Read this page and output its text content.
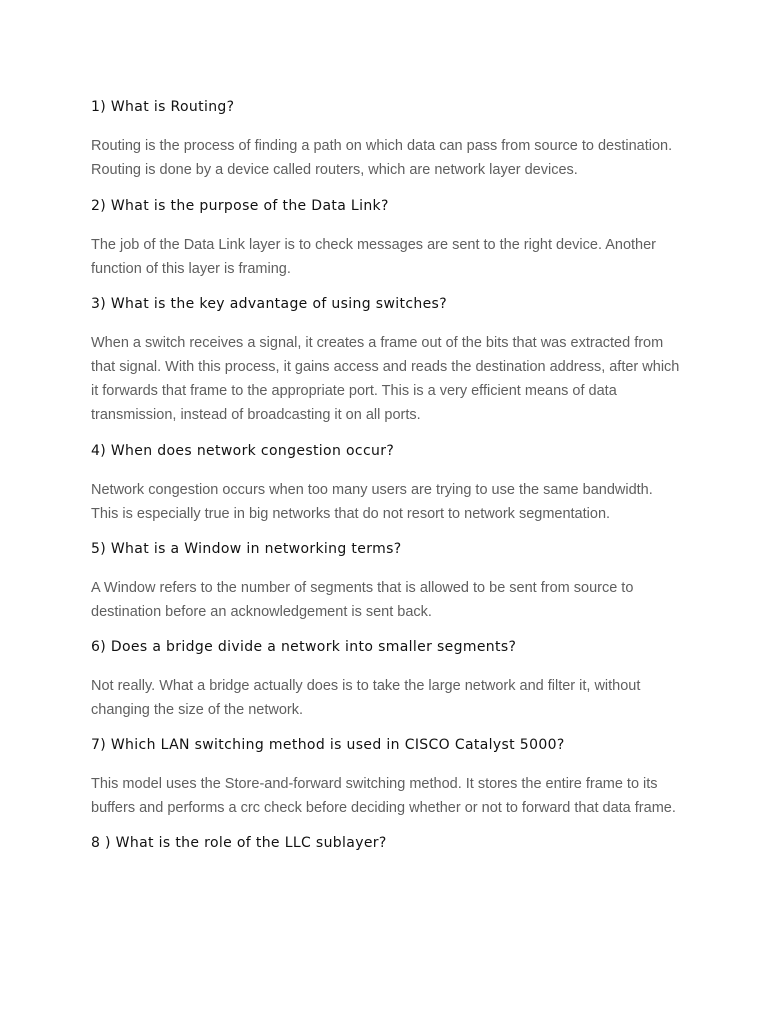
1) What is Routing?

Routing is the process of finding a path on which data can pass from source to destination.
Routing is done by a device called routers, which are network layer devices.

2) What is the purpose of the Data Link?

The job of the Data Link layer is to check messages are sent to the right device. Another
function of this layer is framing.

3) What is the key advantage of using switches?

When a switch receives a signal, it creates a frame out of the bits that was extracted from
that signal. With this process, it gains access and reads the destination address, after which
it forwards that frame to the appropriate port. This is a very efficient means of data
transmission, instead of broadcasting it on all ports.

4) When does network congestion occur?

Network congestion occurs when too many users are trying to use the same bandwidth.
This is especially true in big networks that do not resort to network segmentation.

5) What is a Window in networking terms?

A Window refers to the number of segments that is allowed to be sent from source to
destination before an acknowledgement is sent back.

6) Does a bridge divide a network into smaller segments?

Not really. What a bridge actually does is to take the large network and filter it, without
changing the size of the network.

7) Which LAN switching method is used in CISCO Catalyst 5000?

This model uses the Store-and-forward switching method. It stores the entire frame to its
buffers and performs a crc check before deciding whether or not to forward that data frame.

8 ) What is the role of the LLC sublayer?
